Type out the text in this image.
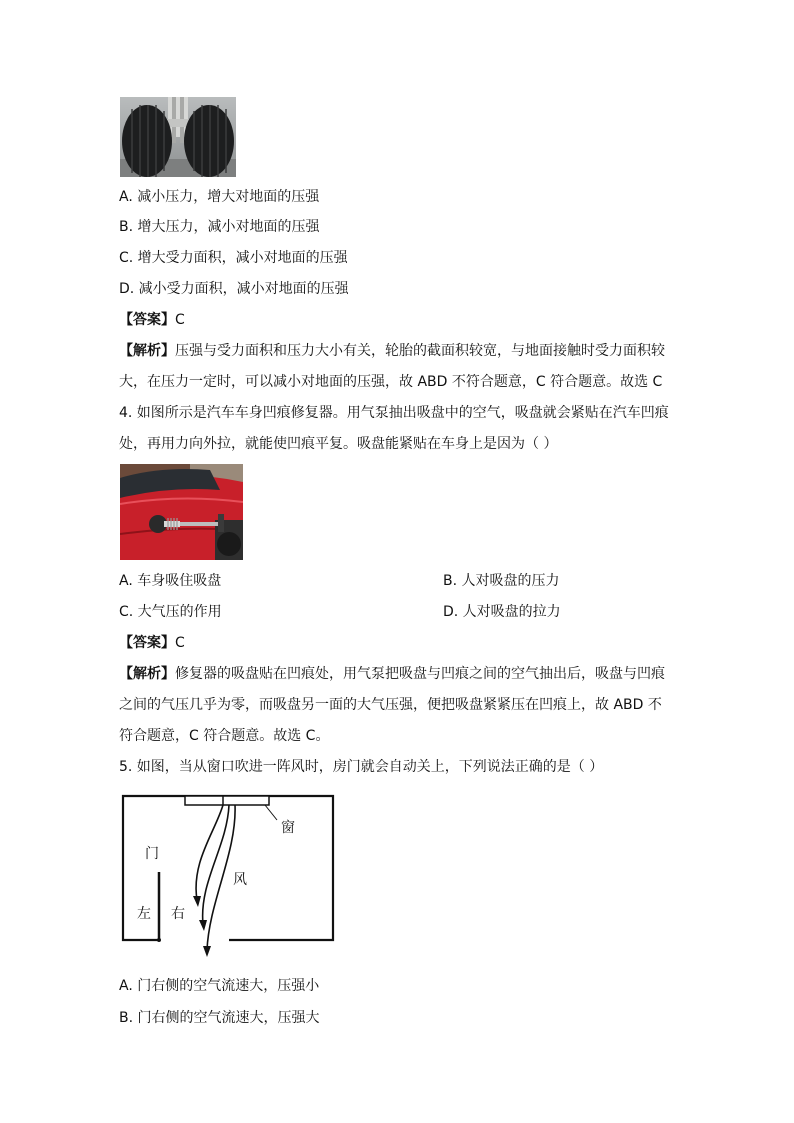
A. 减小压力，增大对地面的压强
B. 增大压力，减小对地面的压强
C. 增大受力面积，减小对地面的压强
D. 减小受力面积，减小对地面的压强
【答案】C
【解析】压强与受力面积和压力大小有关，轮胎的截面积较宽，与地面接触时受力面积较
大，在压力一定时，可以减小对地面的压强，故 ABD 不符合题意，C 符合题意。故选 C
4. 如图所示是汽车车身凹痕修复器。用气泵抽出吸盘中的空气，吸盘就会紧贴在汽车凹痕
处，再用力向外拉，就能使凹痕平复。吸盘能紧贴在车身上是因为（ ）
A. 车身吸住吸盘	B. 人对吸盘的压力
C. 大气压的作用	D. 人对吸盘的拉力
【答案】C
【解析】修复器的吸盘贴在凹痕处，用气泵把吸盘与凹痕之间的空气抽出后，吸盘与凹痕
之间的气压几乎为零，而吸盘另一面的大气压强，便把吸盘紧紧压在凹痕上，故 ABD 不
符合题意，C 符合题意。故选 C。
5. 如图，当从窗口吹进一阵风时，房门就会自动关上，下列说法正确的是（ ）
窗
门
风
左 右
A. 门右侧的空气流速大，压强小
B. 门右侧的空气流速大，压强大
